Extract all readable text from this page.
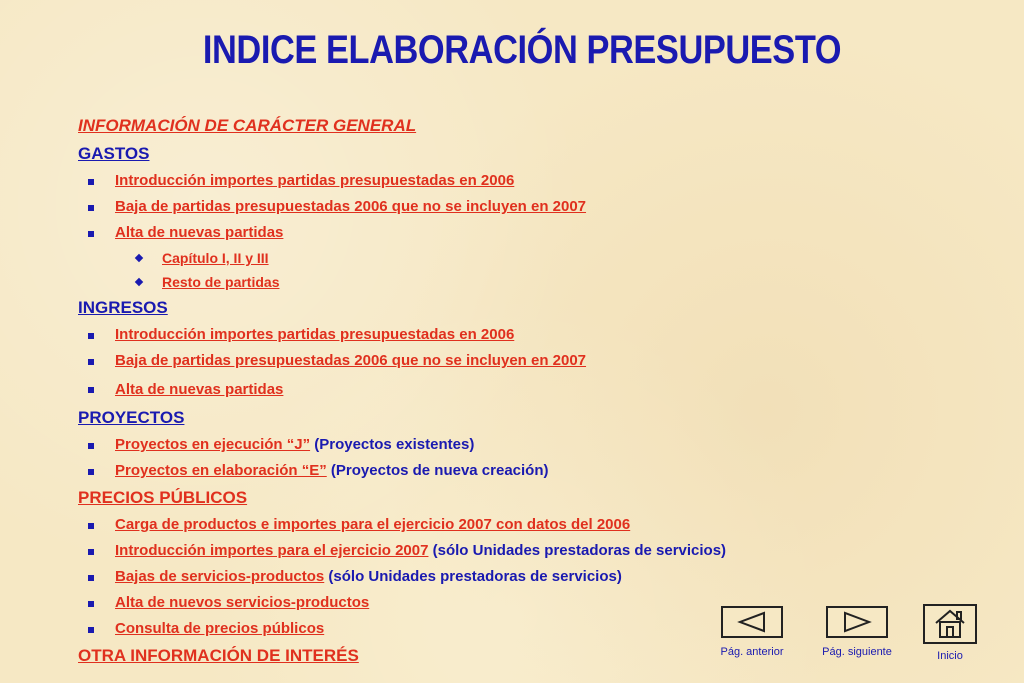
INDICE ELABORACIÓN PRESUPUESTO
INFORMACIÓN DE CARÁCTER GENERAL
GASTOS
Introducción importes partidas presupuestadas en 2006
Baja de partidas presupuestadas 2006 que no se incluyen en 2007
Alta de nuevas partidas
Capítulo I, II y III
Resto de partidas
INGRESOS
Introducción importes partidas presupuestadas en 2006
Baja de partidas presupuestadas 2006 que no se incluyen en 2007
Alta de nuevas partidas
PROYECTOS
Proyectos en ejecución “J” (Proyectos existentes)
Proyectos en elaboración “E” (Proyectos de nueva creación)
PRECIOS PÚBLICOS
Carga de productos e importes para el ejercicio 2007 con datos del 2006
Introducción importes para el ejercicio 2007 (sólo Unidades prestadoras de servicios)
Bajas de servicios-productos (sólo Unidades prestadoras de servicios)
Alta de nuevos servicios-productos
Consulta de precios públicos
OTRA INFORMACIÓN DE INTERÉS	Pág. anterior	Pág. siguiente	Inicio
